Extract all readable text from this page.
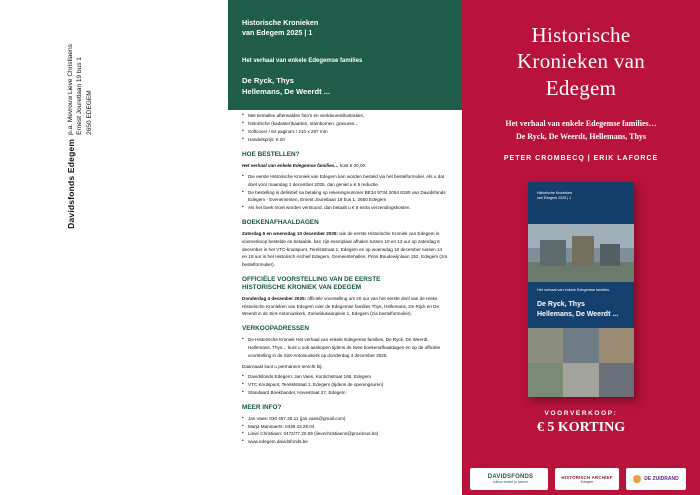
p.a. Mevrouw Lieve Christiaens Ernest Jouretlaan 19 bus 1 2650 EDEGEM
Davidsfonds Edegem
Historische Kronieken
van Edegem 2025 | 1
Het verhaal van enkele Edegemse families
De Ryck, Thys
Hellemans, De Weerdt ...
• Met tientallen afterwaldse foto's en vierkleurenillustraties,
• historische (kadaster)kaarten, stambomen, gravures...
• Softcover / 64 pagina's / 210 x 297 mm
• Handelsprijs: € 20
HOE BESTELLEN?

Het verhaal van enkele Edegemse families… kost € 20,00.

• Die eerste Historische Kroniek van Edegem kan worden besteld via het bestelformulier. Als u dat doet voor maandag 1 december 2025, dan geniet u € 5 reductie.
• De bestelling is definitief na betaling op rekeningnummer BE34 9734 2054 8180 van Davidsfonds Edegem - Evenementen, Ernest Jouretlaan 19 bus 1, 2650 Edegem
• Als het boek moet worden verstuurd, dan betaalt u € 5 extra verzendingskosten.
BOEKENAFHAALDAGEN

Zaterdag 6 en woensdag 10 december 2025: wie de eerste Historische Kroniek van Edegem in voorverkoop bestelde en betaalde, kan zijn exemplaar afhalen tussen 10 en 13 uur op zaterdag 6 december in het VTC-knutspunt, Terelststraat 1, Edegem en op woensdag 10 december tussen 14 en 18 uur in het Historisch Archief Edegem, Gemeentehallen, Prins Boudewijnlaan 152, Edegem (z/a bestelformulier).

OFFICIËLE VOORSTELLING VAN DE EERSTE
HISTORISCHE KRONIEK VAN EDEGEM

Donderdag 4 december 2025: officiële voorstelling om 20 uur van het eerste deel van de reeks Historische Kronieken van Edegem over de Edegemse families Thys, Hellemans, De Rijck en De Weerdt in de Sint-Antoniuskerk, Zomeldusaanplein 1, Edegem (z/a bestelformulier).

VERKOOPADRESSEN
• De Historische Kroniek Het verhaal van enkele Edegemse families, De Ryck, De Weerdt, Hellemans, Thys… kunt u ook aankopen tijdens de twee boekenafhaaldagen en op de officiële voorstelling in de Sint-Antoniuskerk op donderdag 4 december 2025.

Daarnaast kunt u permanent terecht bij:

• Davidsfonds Edegem: Jan Vaes, Kontichstraat 165, Edegem
• VTC Knutspunt, Terelststraat 1, Edegem (tijdens de openingsuren)
• Standaard Boekhandel, Hovestraat 27, Edegem
MEER INFO?
• Jan Vaes: 030 457.20.11 (jan.vaes@gmail.com)
• Marja Mannaerts: 0439.43.28.04
• Lieve Christiaen: 0472/77.20.55 (lievechristiaens@proximus.be)
• www.edegem.davidsfonds.be
Historische
Kronieken van
Edegem
Het verhaal van enkele Edegemse families…
De Ryck, De Weerdt, Hellemans, Thys
PETER CROMBECQ | ERIK LAFORCE
Historische Kronieken
van Edegem 2025 | 1
Het verhaal van enkele Edegemse families
De Ryck, Thys
Hellemans, De Weerdt ...
VOORVERKOOP:
€ 5 KORTING
DAVIDSFONDS
cultuur beleef je samen
HISTORISCH ARCHIEF
Edegem	DE ZUIDRAND
